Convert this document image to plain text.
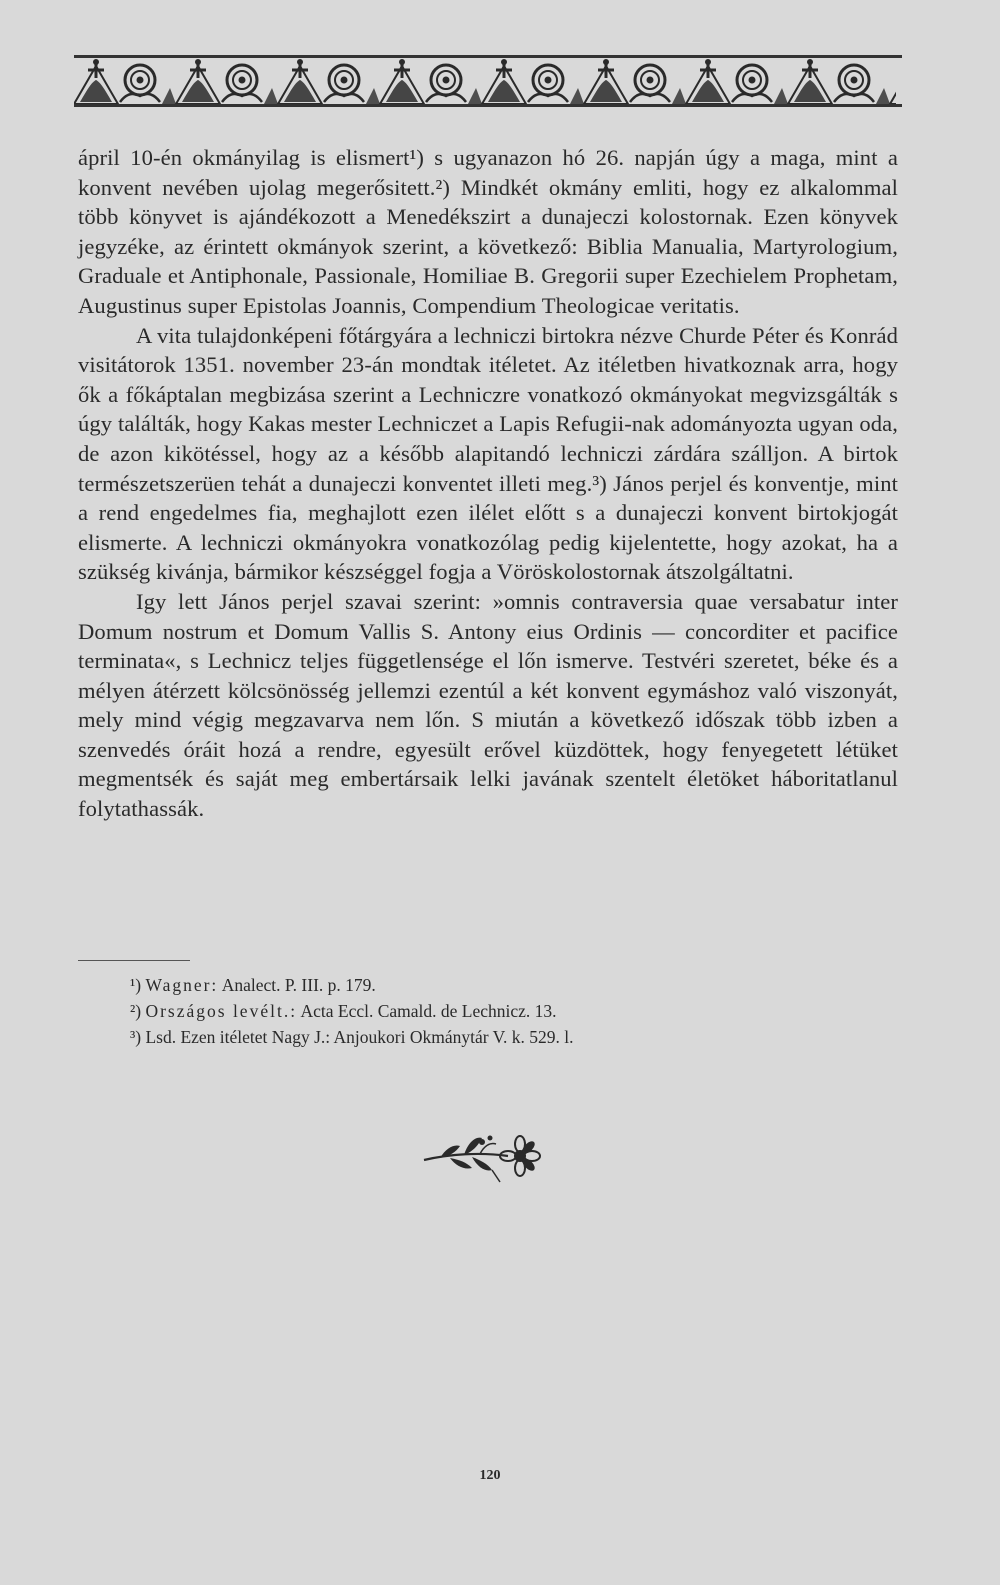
ápril 10-én okmányilag is elismert¹) s ugyanazon hó 26. napján úgy a maga, mint a konvent nevében ujolag megerősitett.²) Mindkét okmány emliti, hogy ez alkalommal több könyvet is ajándékozott a Menedékszirt a dunajeczi kolostornak. Ezen könyvek jegyzéke, az érintett okmányok szerint, a következő: Biblia Manualia, Martyrologium, Graduale et Antiphonale, Passionale, Homiliae B. Gregorii super Ezechielem Prophetam, Augustinus super Epistolas Joannis, Compendium Theologicae veritatis.

A vita tulajdonképeni főtárgyára a lechniczi birtokra nézve Churde Péter és Konrád visitátorok 1351. november 23-án mondtak itéletet. Az itéletben hivatkoznak arra, hogy ők a főkáptalan megbizása szerint a Lechniczre vonatkozó okmányokat megvizsgálták s úgy találták, hogy Kakas mester Lechniczet a Lapis Refugii-nak adományozta ugyan oda, de azon kikötéssel, hogy az a később alapitandó lechniczi zárdára szálljon. A birtok természetszerüen tehát a dunajeczi konventet illeti meg.³) János perjel és konventje, mint a rend engedelmes fia, meghajlott ezen ilélet előtt s a dunajeczi konvent birtokjogát elismerte. A lechniczi okmányokra vonatkozólag pedig kijelentette, hogy azokat, ha a szükség kivánja, bármikor készséggel fogja a Vöröskolostornak átszolgáltatni.

Igy lett János perjel szavai szerint: »omnis contraversia quae versabatur inter Domum nostrum et Domum Vallis S. Antony eius Ordinis — concorditer et pacifice terminata«, s Lechnicz teljes függetlensége el lőn ismerve. Testvéri szeretet, béke és a mélyen átérzett kölcsönösség jellemzi ezentúl a két konvent egymáshoz való viszonyát, mely mind végig megzavarva nem lőn. S miután a következő időszak több izben a szenvedés óráit hozá a rendre, egyesült erővel küzdöttek, hogy fenyegetett létüket megmentsék és saját meg embertársaik lelki javának szentelt életöket háboritatlanul folytathassák.

¹) Wagner: Analect. P. III. p. 179.
²) Országos levélt.: Acta Eccl. Camald. de Lechnicz. 13.
³) Lsd. Ezen itéletet Nagy J.: Anjoukori Okmánytár V. k. 529. l.
120
